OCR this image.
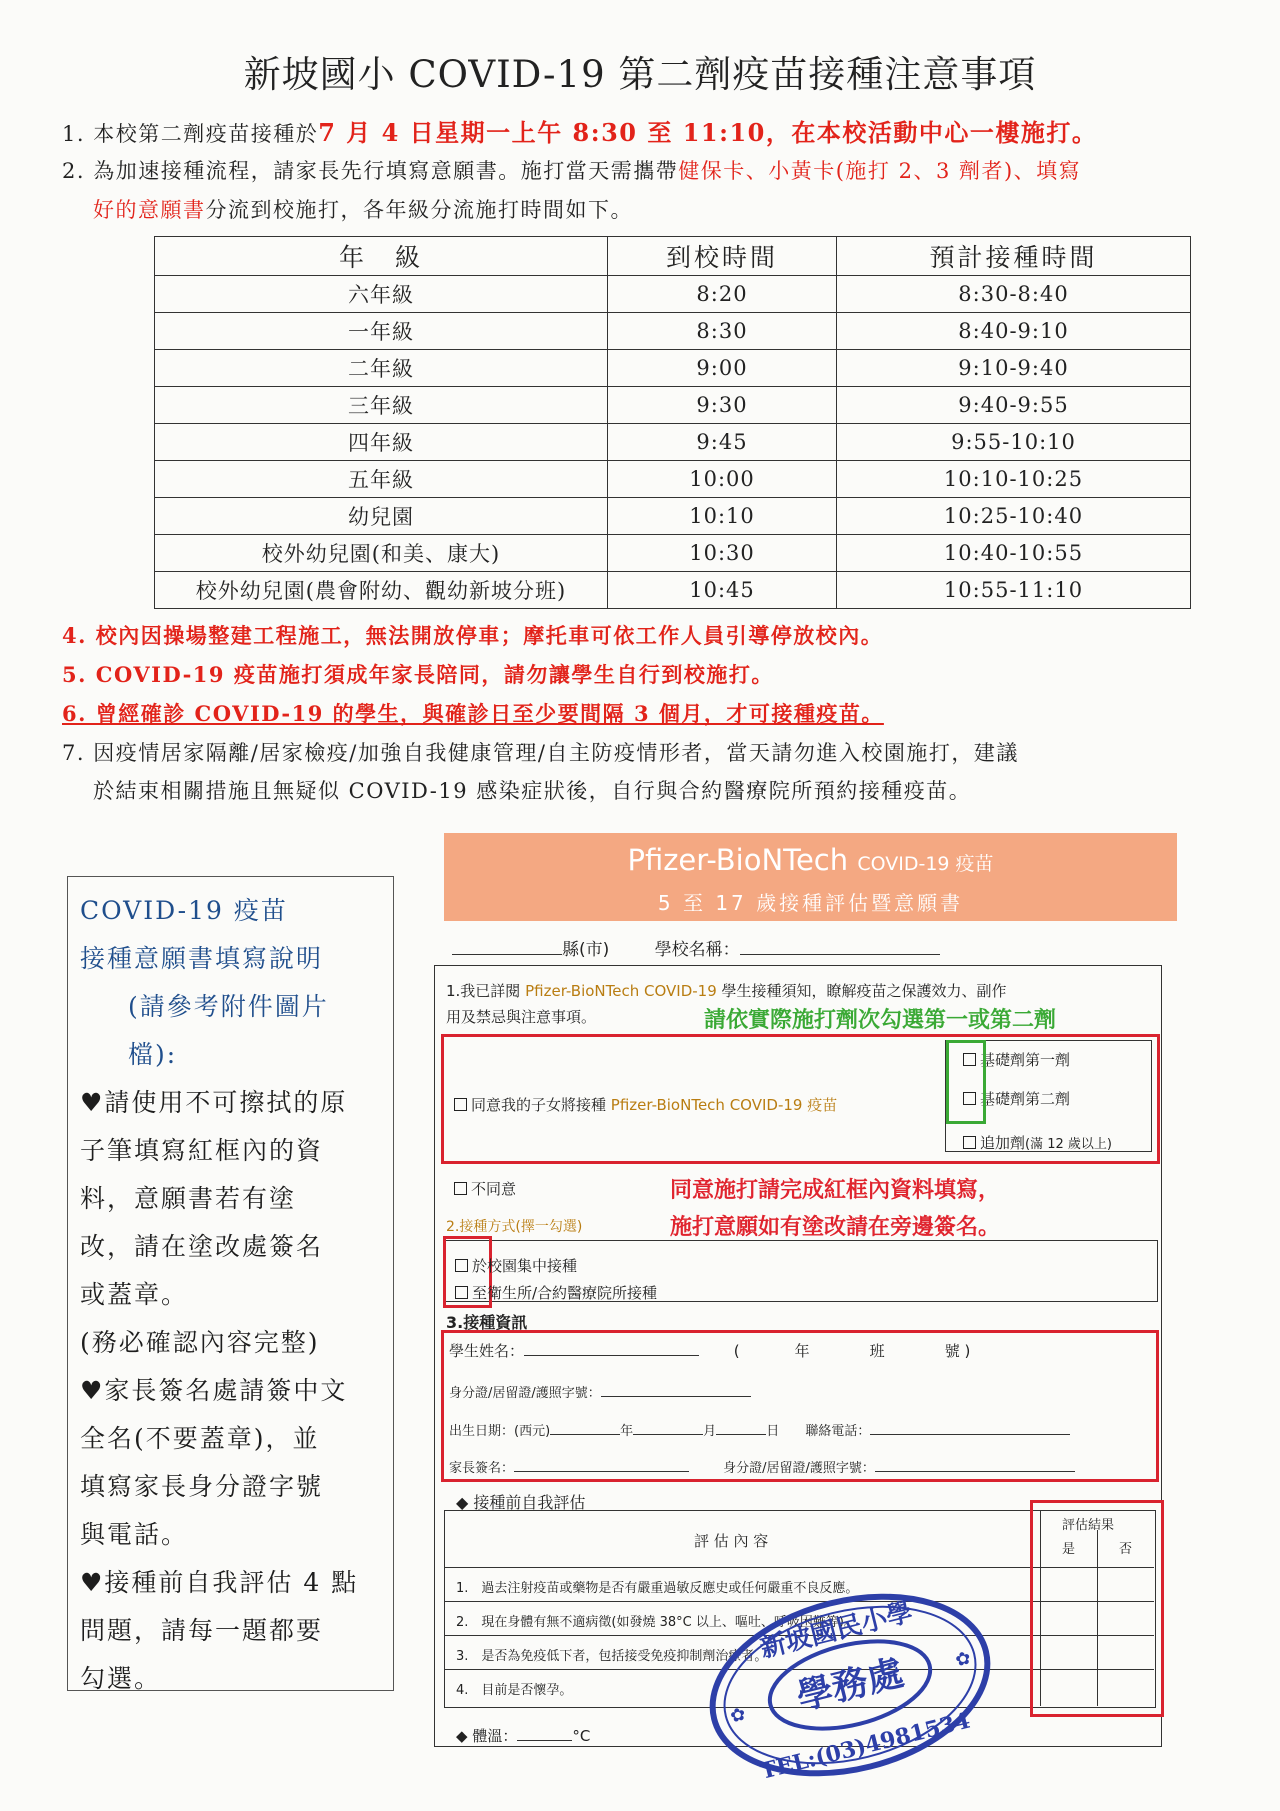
新坡國小 COVID-19 第二劑疫苗接種注意事項
1. 本校第二劑疫苗接種於7 月 4 日星期一上午 8:30 至 11:10，在本校活動中心一樓施打。
2. 為加速接種流程，請家長先行填寫意願書。施打當天需攜帶健保卡、小黃卡(施打 2、3 劑者)、填寫
好的意願書分流到校施打，各年級分流施打時間如下。
年　級	到校時間	預計接種時間
六年級	8:20	8:30-8:40
一年級	8:30	8:40-9:10
二年級	9:00	9:10-9:40
三年級	9:30	9:40-9:55
四年級	9:45	9:55-10:10
五年級	10:00	10:10-10:25
幼兒園	10:10	10:25-10:40
校外幼兒園(和美、康大)	10:30	10:40-10:55
校外幼兒園(農會附幼、觀幼新坡分班)	10:45	10:55-11:10
4. 校內因操場整建工程施工，無法開放停車；摩托車可依工作人員引導停放校內。
5. COVID-19 疫苗施打須成年家長陪同，請勿讓學生自行到校施打。
6. 曾經確診 COVID-19 的學生，與確診日至少要間隔 3 個月，才可接種疫苗。
7. 因疫情居家隔離/居家檢疫/加強自我健康管理/自主防疫情形者，當天請勿進入校園施打，建議
於結束相關措施且無疑似 COVID-19 感染症狀後，自行與合約醫療院所預約接種疫苗。
COVID-19 疫苗
接種意願書填寫說明
(請參考附件圖片
檔):
♥請使用不可擦拭的原
子筆填寫紅框內的資
料，意願書若有塗
改，請在塗改處簽名
或蓋章。
(務必確認內容完整)
♥家長簽名處請簽中文
全名(不要蓋章)，並
填寫家長身分證字號
與電話。
♥接種前自我評估 4 點
問題，請每一題都要
勾選。
Pfizer-BioNTech COVID-19 疫苗
5 至 17 歲接種評估暨意願書
縣(市)	學校名稱：
1.我已詳閱 Pfizer-BioNTech COVID-19 學生接種須知，瞭解疫苗之保護效力、副作
用及禁忌與注意事項。	請依實際施打劑次勾選第一或第二劑
同意我的子女將接種 Pfizer-BioNTech COVID-19 疫苗
基礎劑第一劑
基礎劑第二劑
追加劑(滿 12 歲以上)
不同意	同意施打請完成紅框內資料填寫，
施打意願如有塗改請在旁邊簽名。
2.接種方式(擇一勾選)
於校園集中接種
至衛生所/合約醫療院所接種
3.接種資訊
學生姓名：	(	年	班	號 )
身分證/居留證/護照字號：
出生日期：(西元)	年	月	日 聯絡電話：
家長簽名：	身分證/居留證/護照字號：
◆ 接種前自我評估
評 估 內 容
評估結果
是	否
1.　過去注射疫苗或藥物是否有嚴重過敏反應史或任何嚴重不良反應。
2.　現在身體有無不適病徵(如發燒 38°C 以上、嘔吐、呼吸困難等)。
3.　是否為免疫低下者，包括接受免疫抑制劑治療者。
4.　目前是否懷孕。
◆ 體溫：	°C
新坡國民小學
學務處
TEL:(03)4981534
✿
✿
